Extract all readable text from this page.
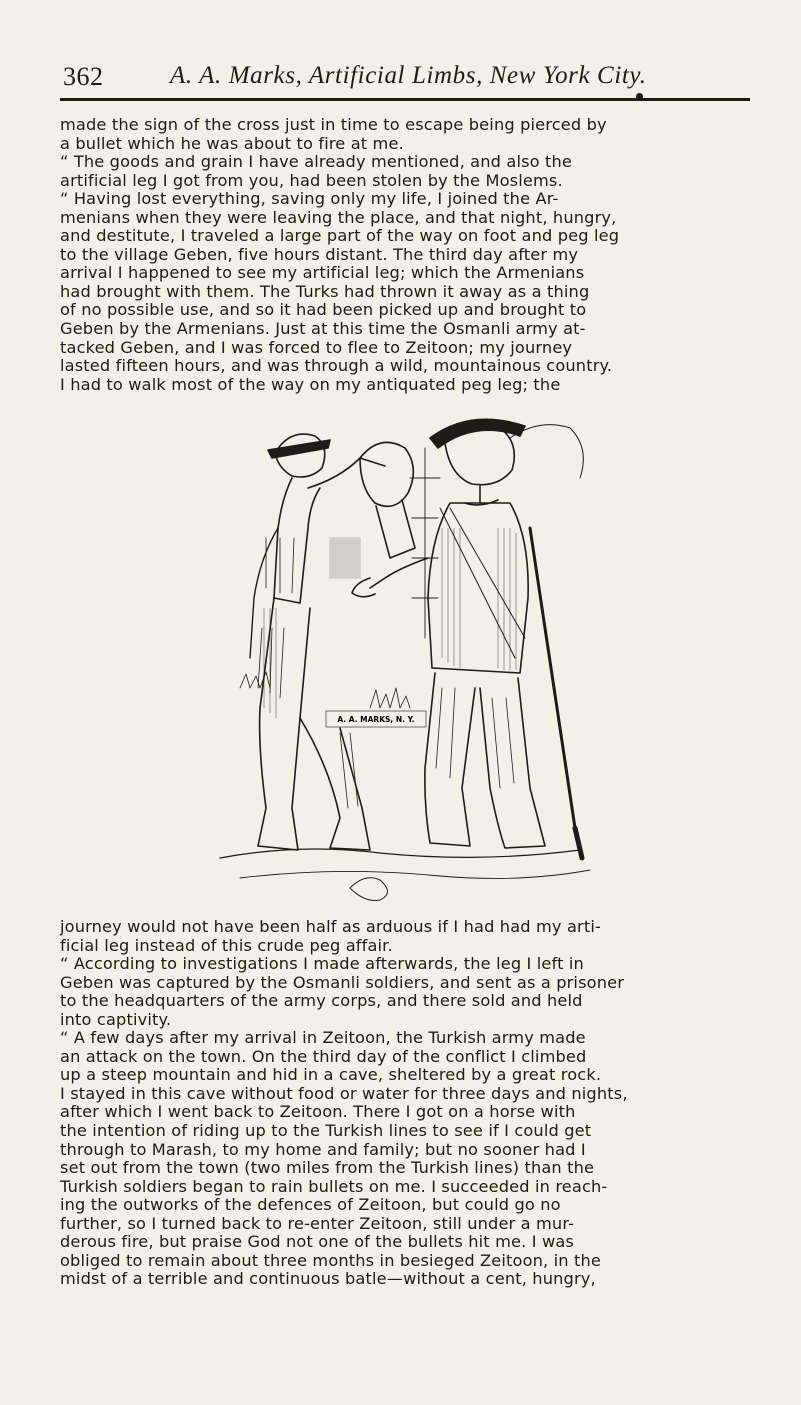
362	A. A. Marks, Artificial Limbs, New York City.

made the sign of the cross just in time to escape being pierced by
a bullet which he was about to fire at me.
“ The goods and grain I have already mentioned, and also the
artificial leg I got from you, had been stolen by the Moslems.
“ Having lost everything, saving only my life, I joined the Ar-
menians when they were leaving the place, and that night, hungry,
and destitute, I traveled a large part of the way on foot and peg leg
to the village Geben, five hours distant. The third day after my
arrival I happened to see my artificial leg; which the Armenians
had brought with them. The Turks had thrown it away as a thing
of no possible use, and so it had been picked up and brought to
Geben by the Armenians. Just at this time the Osmanli army at-
tacked Geben, and I was forced to flee to Zeitoon; my journey
lasted fifteen hours, and was through a wild, mountainous country.
I had to walk most of the way on my antiquated peg leg; the

A. A. MARKS, N. Y.

journey would not have been half as arduous if I had had my arti-
ficial leg instead of this crude peg affair.
“ According to investigations I made afterwards, the leg I left in
Geben was captured by the Osmanli soldiers, and sent as a prisoner
to the headquarters of the army corps, and there sold and held
into captivity.
“ A few days after my arrival in Zeitoon, the Turkish army made
an attack on the town. On the third day of the conflict I climbed
up a steep mountain and hid in a cave, sheltered by a great rock.
I stayed in this cave without food or water for three days and nights,
after which I went back to Zeitoon. There I got on a horse with
the intention of riding up to the Turkish lines to see if I could get
through to Marash, to my home and family; but no sooner had I
set out from the town (two miles from the Turkish lines) than the
Turkish soldiers began to rain bullets on me. I succeeded in reach-
ing the outworks of the defences of Zeitoon, but could go no
further, so I turned back to re-enter Zeitoon, still under a mur-
derous fire, but praise God not one of the bullets hit me. I was
obliged to remain about three months in besieged Zeitoon, in the
midst of a terrible and continuous batle—without a cent, hungry,
